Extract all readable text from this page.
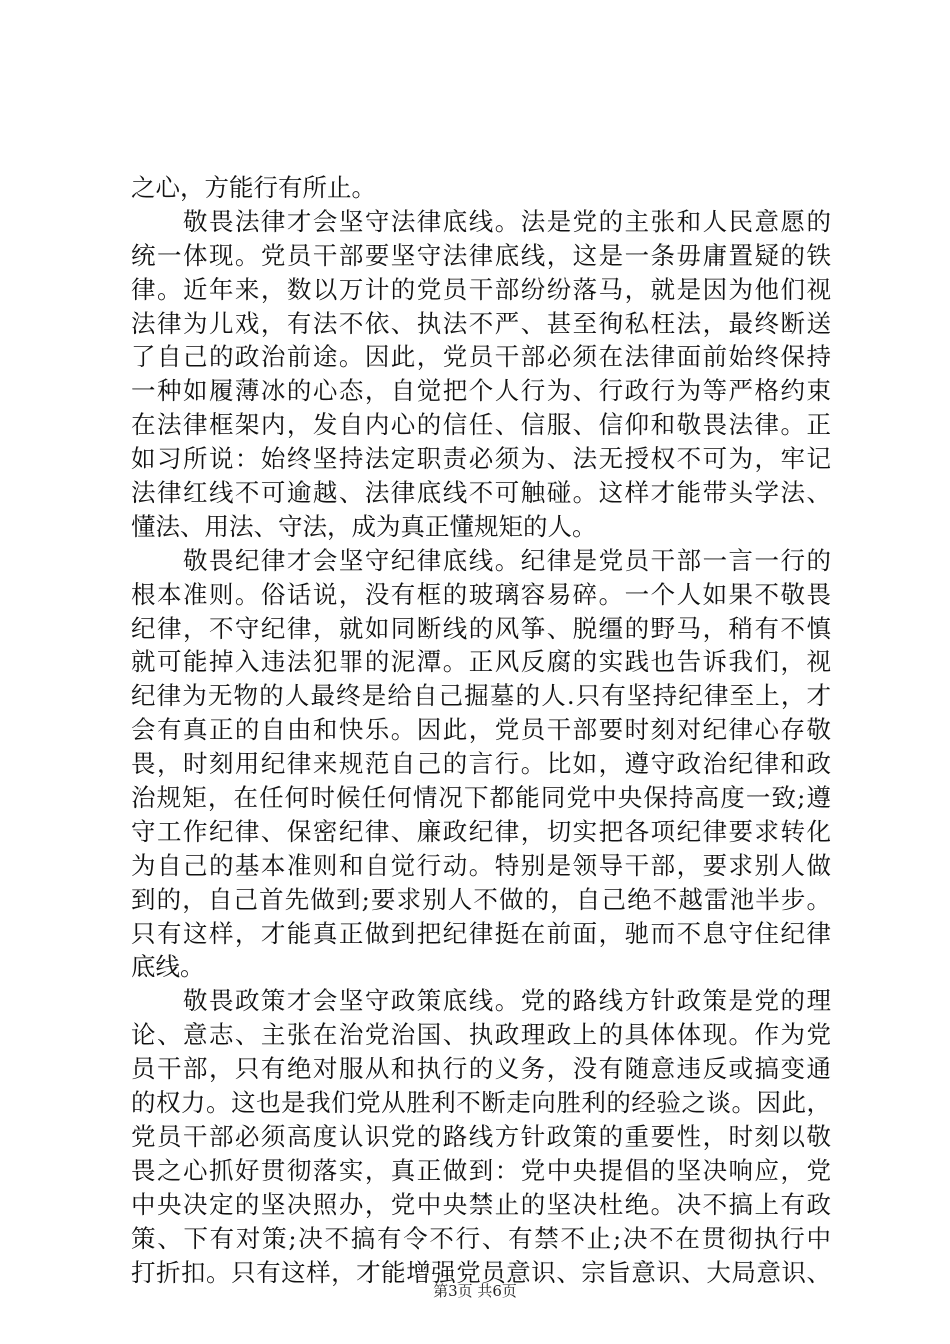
之心，方能行有所止。
敬畏法律才会坚守法律底线。法是党的主张和人民意愿的
统一体现。党员干部要坚守法律底线，这是一条毋庸置疑的铁
律。近年来，数以万计的党员干部纷纷落马，就是因为他们视
法律为儿戏，有法不依、执法不严、甚至徇私枉法，最终断送
了自己的政治前途。因此，党员干部必须在法律面前始终保持
一种如履薄冰的心态，自觉把个人行为、行政行为等严格约束
在法律框架内，发自内心的信任、信服、信仰和敬畏法律。正
如习所说：始终坚持法定职责必须为、法无授权不可为，牢记
法律红线不可逾越、法律底线不可触碰。这样才能带头学法、
懂法、用法、守法，成为真正懂规矩的人。
敬畏纪律才会坚守纪律底线。纪律是党员干部一言一行的
根本准则。俗话说，没有框的玻璃容易碎。一个人如果不敬畏
纪律，不守纪律，就如同断线的风筝、脱缰的野马，稍有不慎
就可能掉入违法犯罪的泥潭。正风反腐的实践也告诉我们，视
纪律为无物的人最终是给自己掘墓的人.只有坚持纪律至上，才
会有真正的自由和快乐。因此，党员干部要时刻对纪律心存敬
畏，时刻用纪律来规范自己的言行。比如，遵守政治纪律和政
治规矩，在任何时候任何情况下都能同党中央保持高度一致;遵
守工作纪律、保密纪律、廉政纪律，切实把各项纪律要求转化
为自己的基本准则和自觉行动。特别是领导干部，要求别人做
到的，自己首先做到;要求别人不做的，自己绝不越雷池半步。
只有这样，才能真正做到把纪律挺在前面，驰而不息守住纪律
底线。
敬畏政策才会坚守政策底线。党的路线方针政策是党的理
论、意志、主张在治党治国、执政理政上的具体体现。作为党
员干部，只有绝对服从和执行的义务，没有随意违反或搞变通
的权力。这也是我们党从胜利不断走向胜利的经验之谈。因此，
党员干部必须高度认识党的路线方针政策的重要性，时刻以敬
畏之心抓好贯彻落实，真正做到：党中央提倡的坚决响应，党
中央决定的坚决照办，党中央禁止的坚决杜绝。决不搞上有政
策、下有对策;决不搞有令不行、有禁不止;决不在贯彻执行中
打折扣。只有这样，才能增强党员意识、宗旨意识、大局意识、
第3页 共6页
